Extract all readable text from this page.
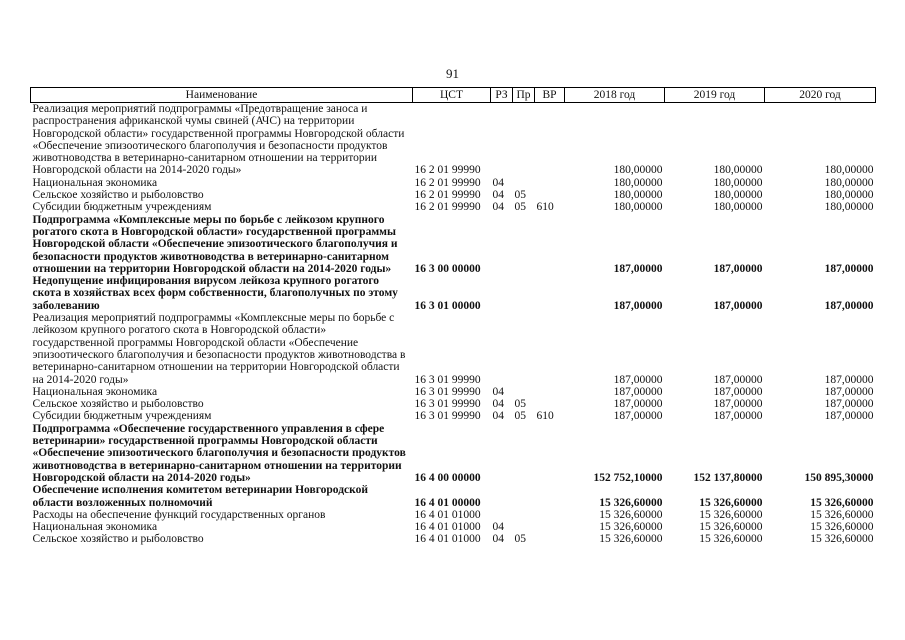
91
Наименование	ЦСТ	РЗ	Пр	ВР	2018 год	2019 год	2020 год
Реализация мероприятий подпрограммы «Предотвращение заноса и распространения африканской чумы свиней (АЧС) на территории Новгородской области» государственной программы Новгородской области «Обеспечение эпизоотического благополучия и безопасности продуктов животноводства в ветеринарно-санитарном отношении на территории Новгородской области на 2014-2020 годы»	16 2 01 99990				180,00000	180,00000	180,00000
Национальная экономика	16 2 01 99990	04			180,00000	180,00000	180,00000
Сельское хозяйство и рыболовство	16 2 01 99990	04	05		180,00000	180,00000	180,00000
Субсидии бюджетным учреждениям	16 2 01 99990	04	05	610	180,00000	180,00000	180,00000
Подпрограмма «Комплексные меры по борьбе с лейкозом крупного рогатого скота в Новгородской области» государственной программы Новгородской области «Обеспечение эпизоотического благополучия и безопасности продуктов животноводства в ветеринарно-санитарном отношении на территории Новгородской области на 2014-2020 годы»	16 3 00 00000				187,00000	187,00000	187,00000
Недопущение инфицирования вирусом лейкоза крупного рогатого скота в хозяйствах всех форм собственности, благополучных по этому заболеванию	16 3 01 00000				187,00000	187,00000	187,00000
Реализация мероприятий подпрограммы «Комплексные меры по борьбе с лейкозом крупного рогатого скота в Новгородской области» государственной программы Новгородской области «Обеспечение эпизоотического благополучия и безопасности продуктов животноводства в ветеринарно-санитарном отношении на территории Новгородской области на 2014-2020 годы»	16 3 01 99990				187,00000	187,00000	187,00000
Национальная экономика	16 3 01 99990	04			187,00000	187,00000	187,00000
Сельское хозяйство и рыболовство	16 3 01 99990	04	05		187,00000	187,00000	187,00000
Субсидии бюджетным учреждениям	16 3 01 99990	04	05	610	187,00000	187,00000	187,00000
Подпрограмма «Обеспечение государственного управления в сфере ветеринарии» государственной программы Новгородской области «Обеспечение эпизоотического благополучия и безопасности продуктов животноводства в ветеринарно-санитарном отношении на территории Новгородской области на 2014-2020 годы»	16 4 00 00000				152 752,10000	152 137,80000	150 895,30000
Обеспечение исполнения комитетом ветеринарии Новгородской области возложенных полномочий	16 4 01 00000				15 326,60000	15 326,60000	15 326,60000
Расходы на обеспечение функций государственных органов	16 4 01 01000				15 326,60000	15 326,60000	15 326,60000
Национальная экономика	16 4 01 01000	04			15 326,60000	15 326,60000	15 326,60000
Сельское хозяйство и рыболовство	16 4 01 01000	04	05		15 326,60000	15 326,60000	15 326,60000
